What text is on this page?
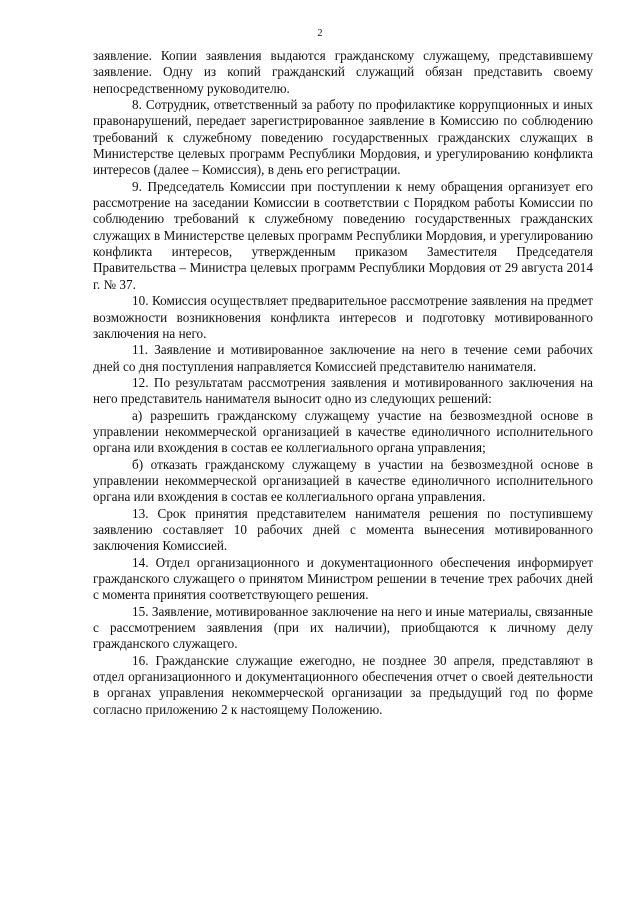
2

заявление. Копии заявления выдаются гражданскому служащему, представившему заявление. Одну из копий гражданский служащий обязан представить своему непосредственному руководителю.

8. Сотрудник, ответственный за работу по профилактике коррупционных и иных правонарушений, передает зарегистрированное заявление в Комиссию по соблюдению требований к служебному поведению государственных гражданских служащих в Министерстве целевых программ Республики Мордовия, и урегулированию конфликта интересов (далее – Комиссия), в день его регистрации.

9. Председатель Комиссии при поступлении к нему обращения организует его рассмотрение на заседании Комиссии в соответствии с Порядком работы Комиссии по соблюдению требований к служебному поведению государственных гражданских служащих в Министерстве целевых программ Республики Мордовия, и урегулированию конфликта интересов, утвержденным приказом Заместителя Председателя Правительства – Министра целевых программ Республики Мордовия от 29 августа 2014 г. № 37.

10. Комиссия осуществляет предварительное рассмотрение заявления на предмет возможности возникновения конфликта интересов и подготовку мотивированного заключения на него.

11. Заявление и мотивированное заключение на него в течение семи рабочих дней со дня поступления направляется Комиссией представителю нанимателя.

12. По результатам рассмотрения заявления и мотивированного заключения на него представитель нанимателя выносит одно из следующих решений:

а) разрешить гражданскому служащему участие на безвозмездной основе в управлении некоммерческой организацией в качестве единоличного исполнительного органа или вхождения в состав ее коллегиального органа управления;

б) отказать гражданскому служащему в участии на безвозмездной основе в управлении некоммерческой организацией в качестве единоличного исполнительного органа или вхождения в состав ее коллегиального органа управления.

13. Срок принятия представителем нанимателя решения по поступившему заявлению составляет 10 рабочих дней с момента вынесения мотивированного заключения Комиссией.

14. Отдел организационного и документационного обеспечения информирует гражданского служащего о принятом Министром решении в течение трех рабочих дней с момента принятия соответствующего решения.

15. Заявление, мотивированное заключение на него и иные материалы, связанные с рассмотрением заявления (при их наличии), приобщаются к личному делу гражданского служащего.

16. Гражданские служащие ежегодно, не позднее 30 апреля, представляют в отдел организационного и документационного обеспечения отчет о своей деятельности в органах управления некоммерческой организации за предыдущий год по форме согласно приложению 2 к настоящему Положению.
